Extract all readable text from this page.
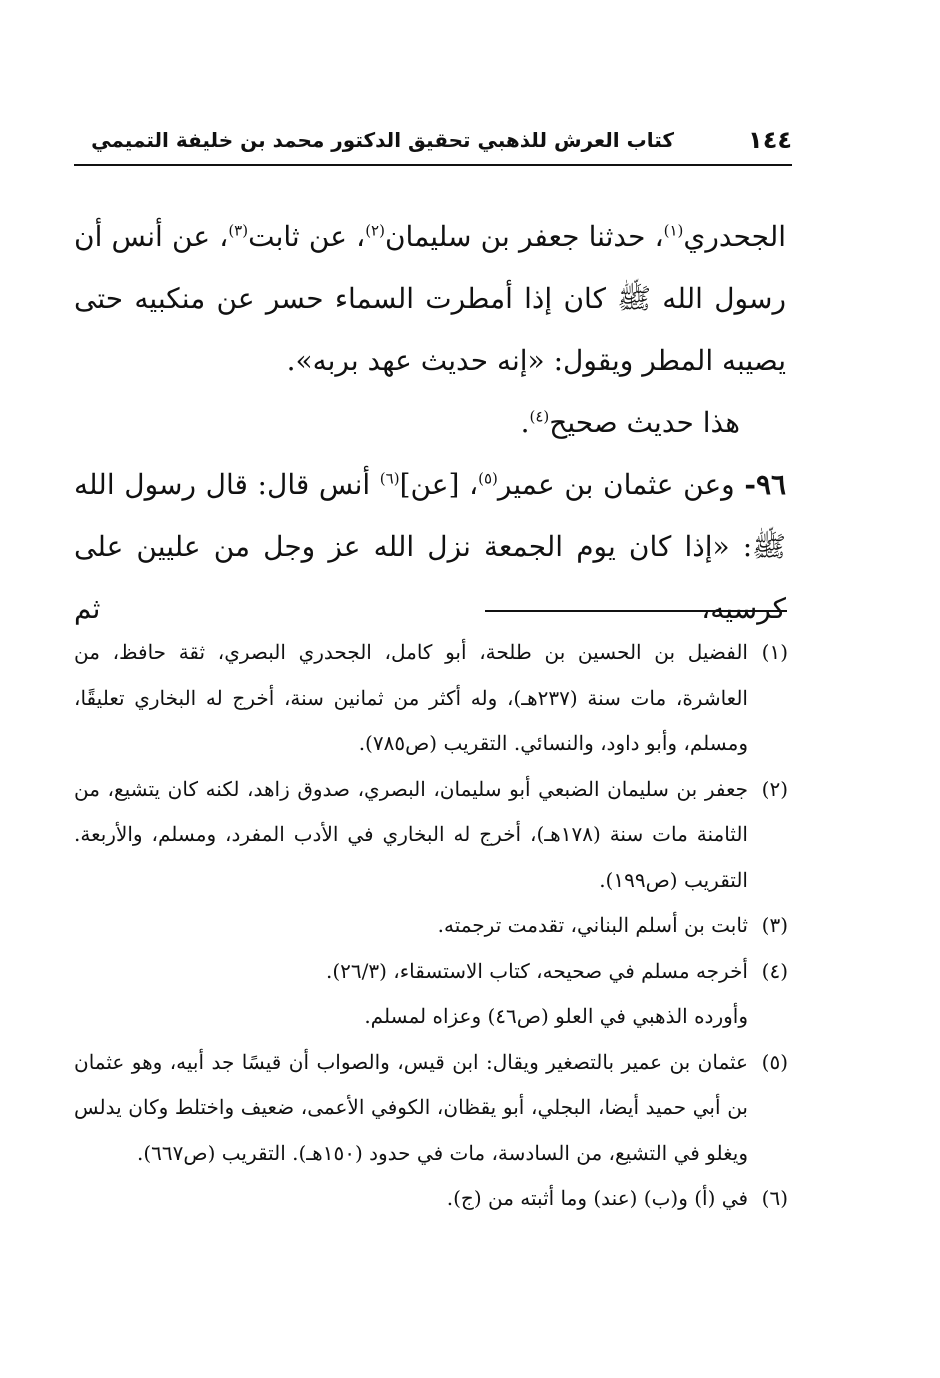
١٤٤
كتاب العرش للذهبي تحقيق الدكتور محمد بن خليفة التميمي

الجحدري$^{(١)}$، حدثنا جعفر بن سليمان$^{(٢)}$، عن ثابت$^{(٣)}$، عن أنس أن رسول الله ﷺ كان إذا أمطرت السماء حسر عن منكبيه حتى يصيبه المطر ويقول: «إنه حديث عهد بربه».

هذا حديث صحيح$^{(٤)}$.

٩٦- وعن عثمان بن عمير$^{(٥)}$، [عن]$^{(٦)}$ أنس قال: قال رسول الله ﷺ: «إذا كان يوم الجمعة نزل الله عز وجل من عليين على كرسيه، ثم

(١)
الفضيل بن الحسين بن طلحة، أبو كامل، الجحدري البصري، ثقة حافظ، من العاشرة، مات سنة (٢٣٧هـ)، وله أكثر من ثمانين سنة، أخرج له البخاري تعليقًا، ومسلم، وأبو داود، والنسائي. التقريب (ص٧٨٥).
(٢)
جعفر بن سليمان الضبعي أبو سليمان، البصري، صدوق زاهد، لكنه كان يتشيع، من الثامنة مات سنة (١٧٨هـ)، أخرج له البخاري في الأدب المفرد، ومسلم، والأربعة. التقريب (ص١٩٩).
(٣)
ثابت بن أسلم البناني، تقدمت ترجمته.
(٤)
أخرجه مسلم في صحيحه، كتاب الاستسقاء، (٢٦/٣).
وأورده الذهبي في العلو (ص٤٦) وعزاه لمسلم.
(٥)
عثمان بن عمير بالتصغير ويقال: ابن قيس، والصواب أن قيسًا جد أبيه، وهو عثمان بن أبي حميد أيضا، البجلي، أبو يقظان، الكوفي الأعمى، ضعيف واختلط وكان يدلس ويغلو في التشيع، من السادسة، مات في حدود (١٥٠هـ). التقريب (ص٦٦٧).
(٦)
في (أ) و(ب) (عند) وما أثبته من (ج).
